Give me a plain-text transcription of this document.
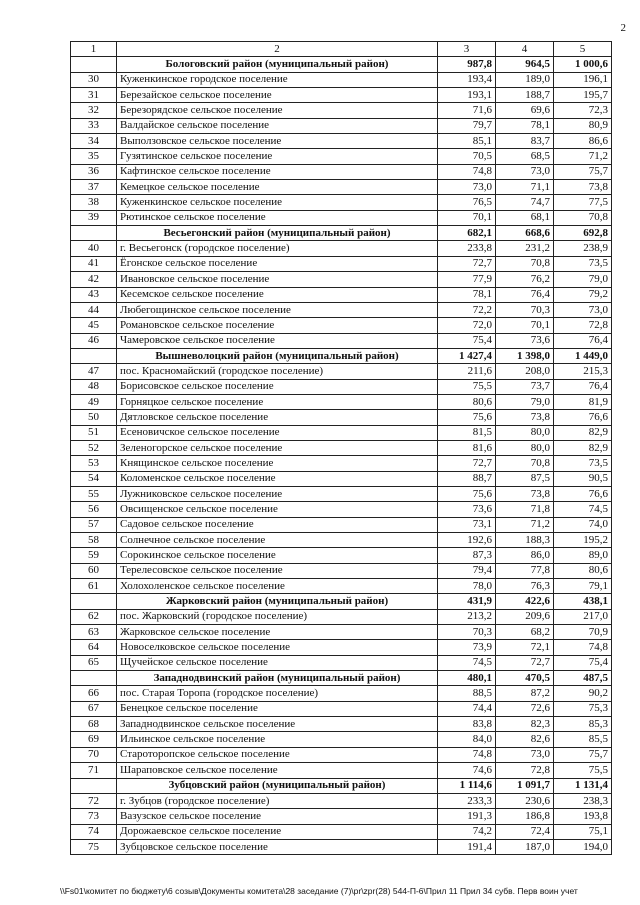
2
1	2	3	4	5
	Бологовский район (муниципальный район)	987,8	964,5	1 000,6
30	Куженкинское городское поселение	193,4	189,0	196,1
31	Березайское сельское поселение	193,1	188,7	195,7
32	Березорядское сельское поселение	71,6	69,6	72,3
33	Валдайское сельское поселение	79,7	78,1	80,9
34	Выползовское сельское поселение	85,1	83,7	86,6
35	Гузятинское сельское поселение	70,5	68,5	71,2
36	Кафтинское сельское поселение	74,8	73,0	75,7
37	Кемецкое сельское поселение	73,0	71,1	73,8
38	Куженкинское сельское поселение	76,5	74,7	77,5
39	Рютинское сельское поселение	70,1	68,1	70,8
	Весьегонский район (муниципальный район)	682,1	668,6	692,8
40	г. Весьегонск (городское поселение)	233,8	231,2	238,9
41	Ёгонское сельское поселение	72,7	70,8	73,5
42	Ивановское сельское поселение	77,9	76,2	79,0
43	Кесемское сельское поселение	78,1	76,4	79,2
44	Любегощинское сельское поселение	72,2	70,3	73,0
45	Романовское сельское поселение	72,0	70,1	72,8
46	Чамеровское сельское поселение	75,4	73,6	76,4
	Вышневолоцкий район (муниципальный район)	1 427,4	1 398,0	1 449,0
47	пос. Красномайский (городское поселение)	211,6	208,0	215,3
48	Борисовское сельское поселение	75,5	73,7	76,4
49	Горняцкое сельское поселение	80,6	79,0	81,9
50	Дятловское сельское поселение	75,6	73,8	76,6
51	Есеновичское сельское поселение	81,5	80,0	82,9
52	Зеленогорское сельское поселение	81,6	80,0	82,9
53	Княщинское сельское поселение	72,7	70,8	73,5
54	Коломенское сельское поселение	88,7	87,5	90,5
55	Лужниковское сельское поселение	75,6	73,8	76,6
56	Овсищенское сельское поселение	73,6	71,8	74,5
57	Садовое сельское поселение	73,1	71,2	74,0
58	Солнечное сельское поселение	192,6	188,3	195,2
59	Сорокинское сельское поселение	87,3	86,0	89,0
60	Терелесовское сельское поселение	79,4	77,8	80,6
61	Холохоленское сельское поселение	78,0	76,3	79,1
	Жарковский район (муниципальный район)	431,9	422,6	438,1
62	пос. Жарковский (городское поселение)	213,2	209,6	217,0
63	Жарковское сельское поселение	70,3	68,2	70,9
64	Новоселковское сельское поселение	73,9	72,1	74,8
65	Щучейское сельское поселение	74,5	72,7	75,4
	Западнодвинский район (муниципальный район)	480,1	470,5	487,5
66	пос. Старая Торопа (городское поселение)	88,5	87,2	90,2
67	Бенецкое сельское поселение	74,4	72,6	75,3
68	Западнодвинское сельское поселение	83,8	82,3	85,3
69	Ильинское сельское поселение	84,0	82,6	85,5
70	Староторопское сельское поселение	74,8	73,0	75,7
71	Шараповское сельское поселение	74,6	72,8	75,5
	Зубцовский район (муниципальный район)	1 114,6	1 091,7	1 131,4
72	г. Зубцов (городское поселение)	233,3	230,6	238,3
73	Вазузское сельское поселение	191,3	186,8	193,8
74	Дорожаевское сельское поселение	74,2	72,4	75,1
75	Зубцовское сельское поселение	191,4	187,0	194,0
\\Fs01\комитет по бюджету\6 созыв\Документы комитета\28 заседание (7)\pr\zpr(28) 544-П-6\Прил 11 Прил 34 субв. Перв воин учет
